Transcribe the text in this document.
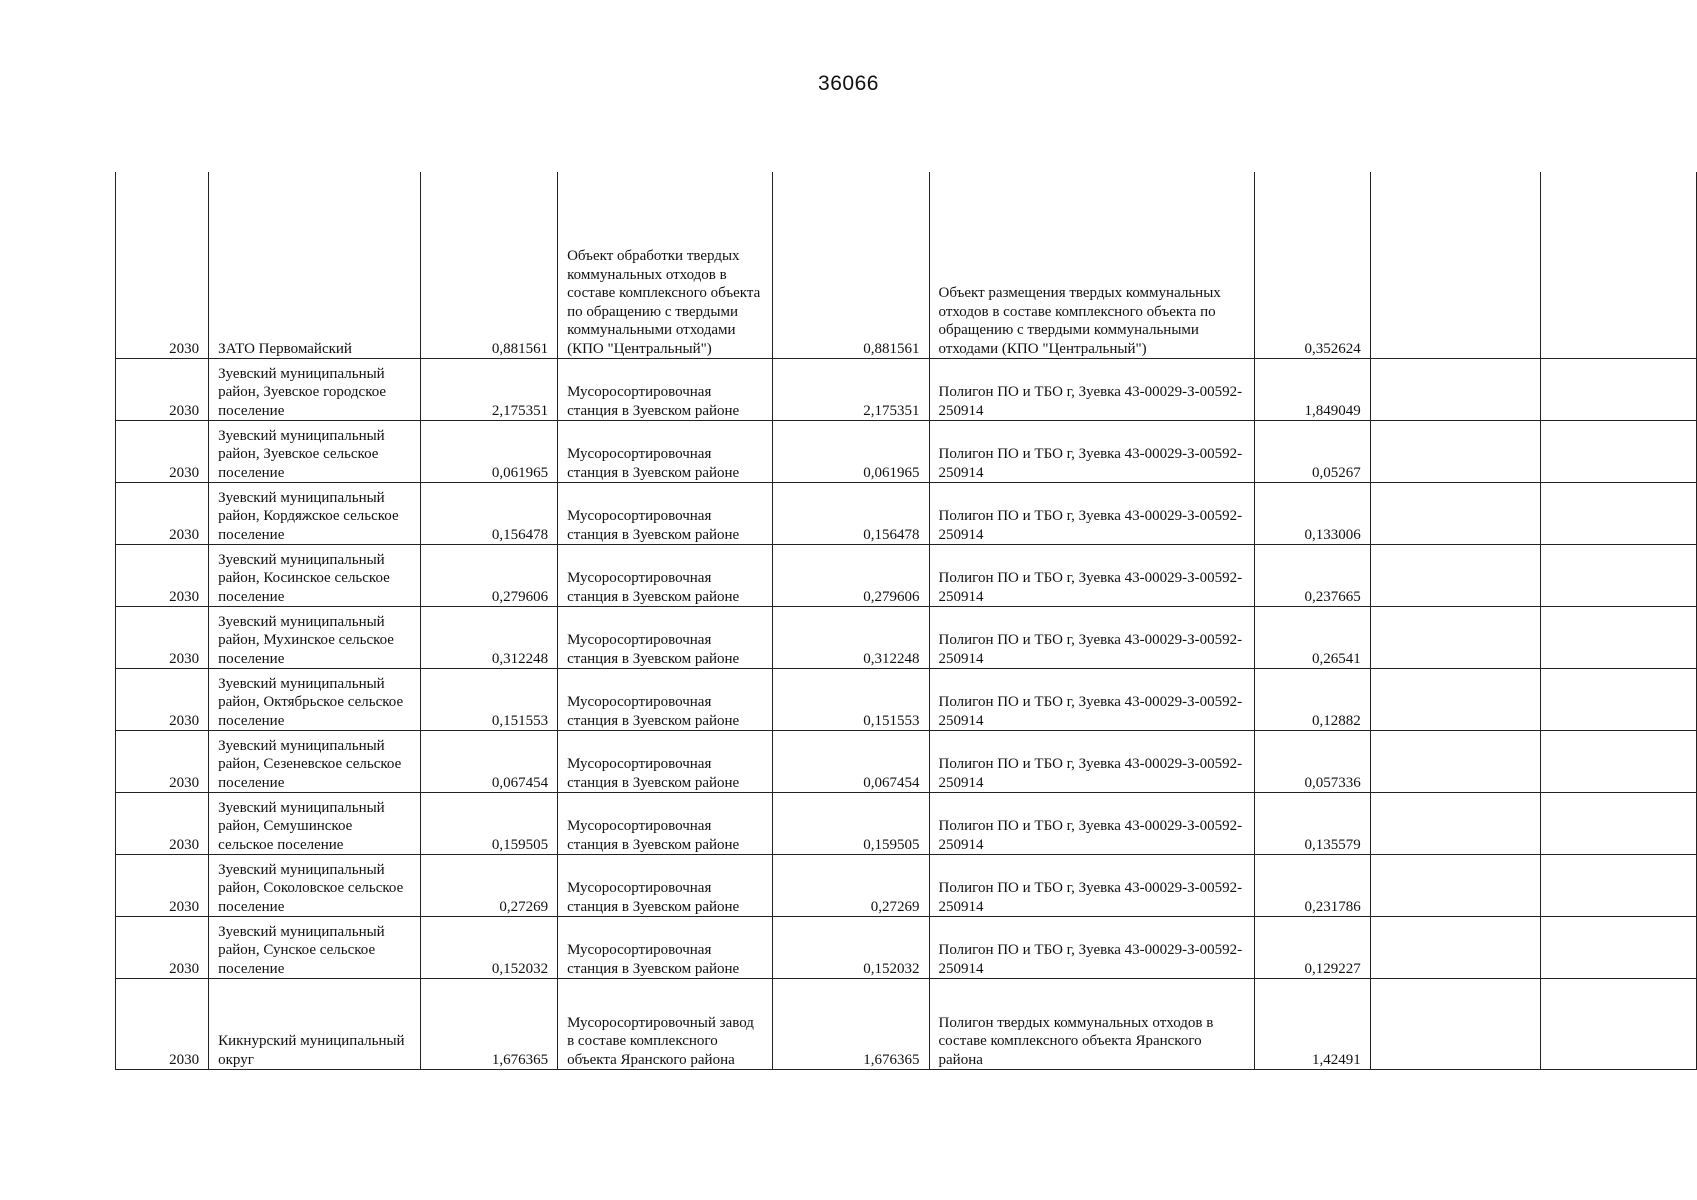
36066
2030	ЗАТО Первомайский	0,881561	Объект обработки твердых коммунальных отходов в составе комплексного объекта по обращению с твердыми коммунальными отходами (КПО "Центральный")	0,881561	Объект размещения твердых коммунальных отходов в составе комплексного объекта по обращению с твердыми коммунальными отходами (КПО "Центральный")	0,352624		
2030	Зуевский муниципальный район, Зуевское городское поселение	2,175351	Мусоросортировочная станция в Зуевском районе	2,175351	Полигон ПО и ТБО г, Зуевка 43-00029-З-00592-250914	1,849049		
2030	Зуевский муниципальный район, Зуевское сельское поселение	0,061965	Мусоросортировочная станция в Зуевском районе	0,061965	Полигон ПО и ТБО г, Зуевка 43-00029-З-00592-250914	0,05267		
2030	Зуевский муниципальный район, Кордяжское сельское поселение	0,156478	Мусоросортировочная станция в Зуевском районе	0,156478	Полигон ПО и ТБО г, Зуевка 43-00029-З-00592-250914	0,133006		
2030	Зуевский муниципальный район, Косинское сельское поселение	0,279606	Мусоросортировочная станция в Зуевском районе	0,279606	Полигон ПО и ТБО г, Зуевка 43-00029-З-00592-250914	0,237665		
2030	Зуевский муниципальный район, Мухинское сельское поселение	0,312248	Мусоросортировочная станция в Зуевском районе	0,312248	Полигон ПО и ТБО г, Зуевка 43-00029-З-00592-250914	0,26541		
2030	Зуевский муниципальный район, Октябрьское сельское поселение	0,151553	Мусоросортировочная станция в Зуевском районе	0,151553	Полигон ПО и ТБО г, Зуевка 43-00029-З-00592-250914	0,12882		
2030	Зуевский муниципальный район, Сезеневское сельское поселение	0,067454	Мусоросортировочная станция в Зуевском районе	0,067454	Полигон ПО и ТБО г, Зуевка 43-00029-З-00592-250914	0,057336		
2030	Зуевский муниципальный район, Семушинское сельское поселение	0,159505	Мусоросортировочная станция в Зуевском районе	0,159505	Полигон ПО и ТБО г, Зуевка 43-00029-З-00592-250914	0,135579		
2030	Зуевский муниципальный район, Соколовское сельское поселение	0,27269	Мусоросортировочная станция в Зуевском районе	0,27269	Полигон ПО и ТБО г, Зуевка 43-00029-З-00592-250914	0,231786		
2030	Зуевский муниципальный район, Сунское сельское поселение	0,152032	Мусоросортировочная станция в Зуевском районе	0,152032	Полигон ПО и ТБО г, Зуевка 43-00029-З-00592-250914	0,129227		
2030	Кикнурский муниципальный округ	1,676365	Мусоросортировочный завод в составе комплексного объекта Яранского района	1,676365	Полигон твердых коммунальных отходов в составе комплексного объекта Яранского района	1,42491		
